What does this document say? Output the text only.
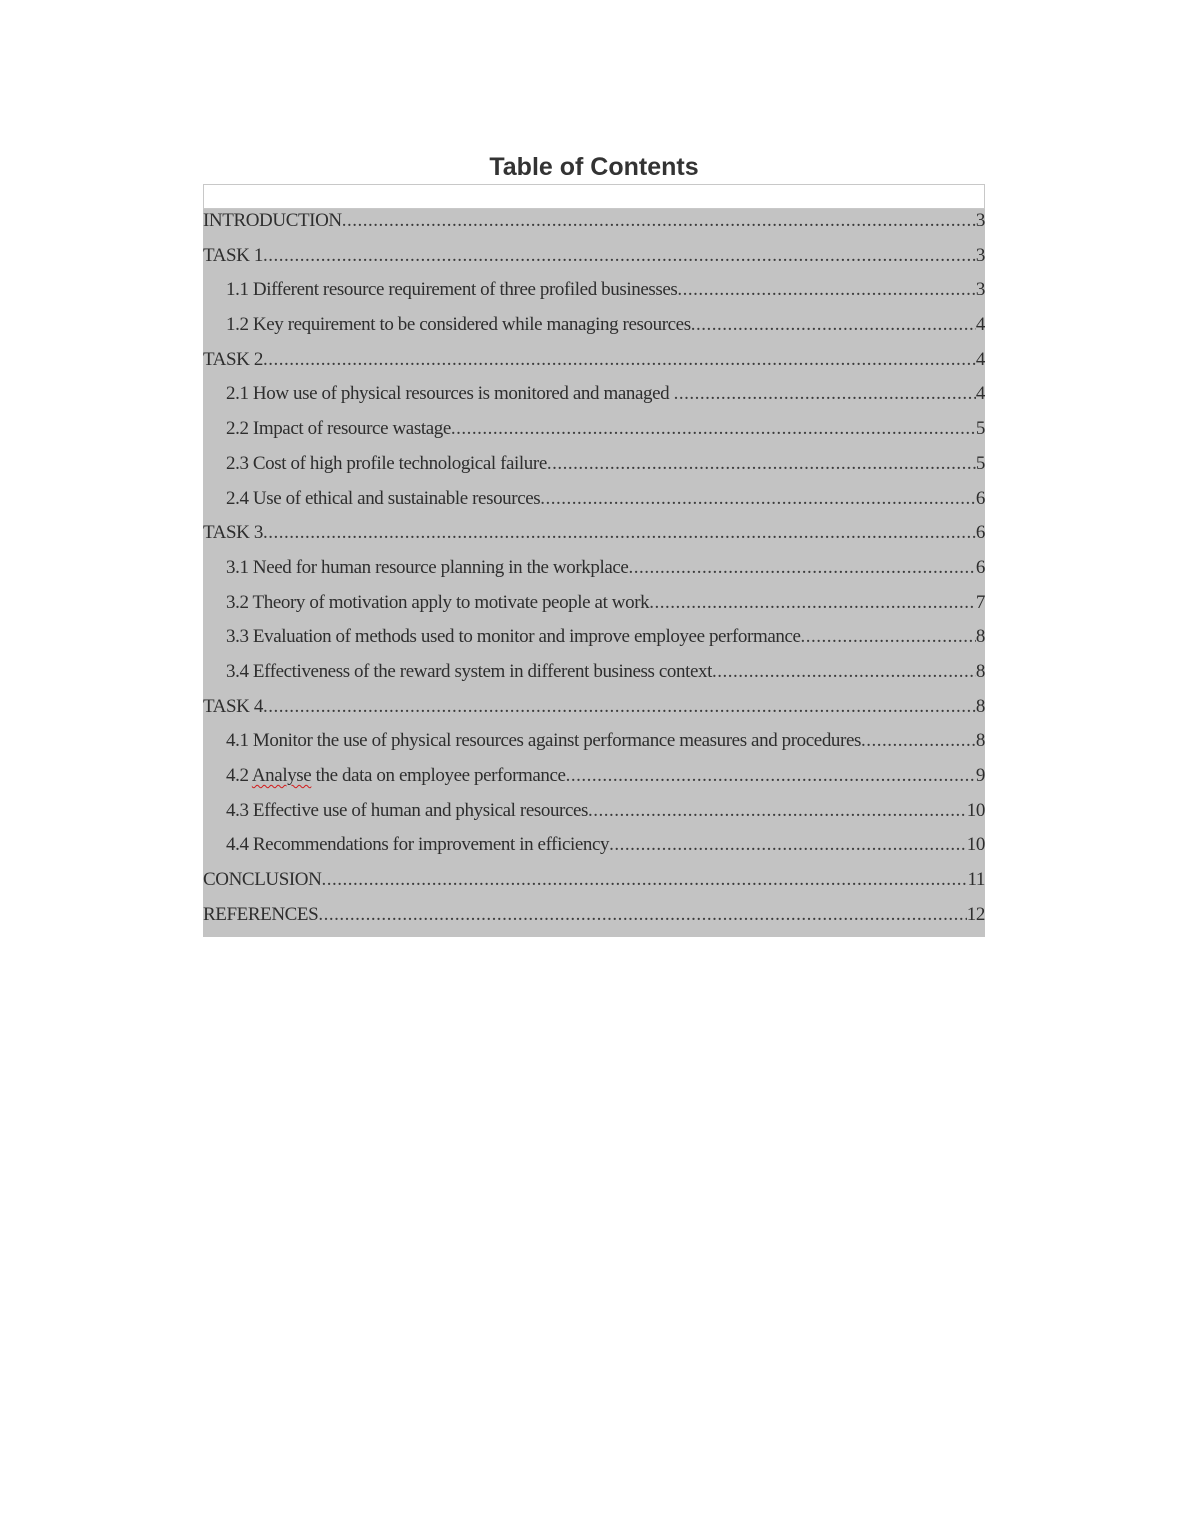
Table of Contents
INTRODUCTION .....	3
TASK 1 .....	3
1.1 Different resource requirement of three profiled businesses .....	3
1.2 Key requirement to be considered while managing resources .....	4
TASK 2 .....	4
2.1 How use of physical resources is monitored and managed .....	4
2.2 Impact of resource wastage .....	5
2.3 Cost of high profile technological failure .....	5
2.4 Use of ethical and sustainable resources .....	6
TASK 3 .....	6
3.1 Need for human resource planning in the workplace .....	6
3.2 Theory of motivation apply to motivate people at work .....	7
3.3 Evaluation of methods used to monitor and improve employee performance .....	8
3.4 Effectiveness of the reward system in different business context .....	8
TASK 4 .....	8
4.1 Monitor the use of physical resources against performance measures and procedures .....	8
4.2 Analyse the data on employee performance .....	9
4.3 Effective use of human and physical resources .....	10
4.4 Recommendations for improvement in efficiency .....	10
CONCLUSION .....	11
REFERENCES .....	12
